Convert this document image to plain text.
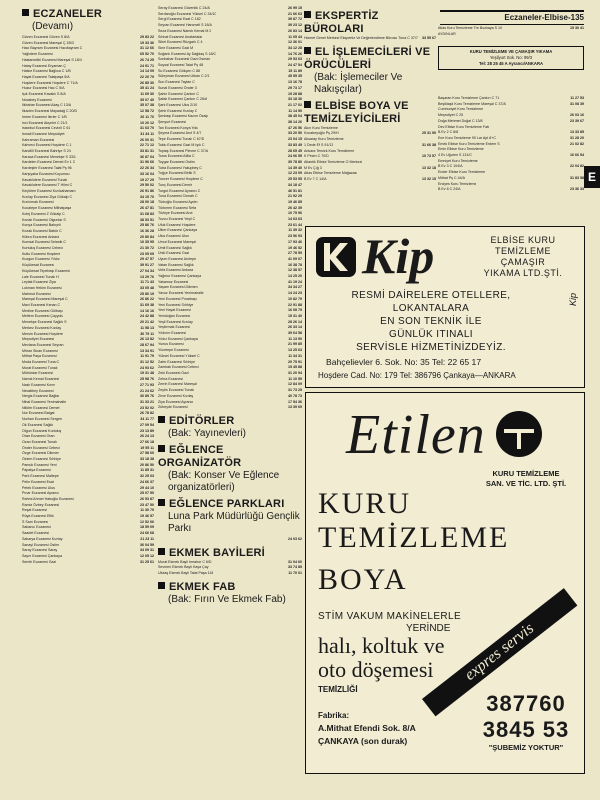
Eczaneler-Elbise-135
E
ECZANELER
(Devamı)
Güven Eczanesi Güven S 8/A	29 83 22
Güven Eczanesi Mareşal Ç 1B/3	19 33 36
Hacı Bayram Eczanesi Hacıbayram C	31 12 66
Yağlıdere Eczanesi	65 52 70
Hastanedibi Eczanesi Mareşal S 18/4	26 74 25
Hatay Eczanesi Eryaman Ç	24 91 71
Hatice Eczanesi Bağlıca C 1/B	14 14 09
Hayat Eczanesi Talatpaşa 5/A	22 20 79
Hoşdere Eczanesi Hoşdere C 71/A	26 85 30
Huzur Eczanesi Hac C 5/A	35 41 24
Işık Eczanesi Kavaklı S 8/A	11 69 30
Nocabey Eczanesi	35 07 40
İlkbahar Eczanesi Akay C 13/A	35 07 38
İlkadım Eczanesi Mayadağ C 20/D	12 58 72
İmren Eczanesi Ilerler C 1/B	26 11 70
İnci Eczanesi Akşehir C 21/1	10 20 12
İstanbul Eczanesi Cevizli C 61	31 63 70
İsmail Eczanesi Meşrutiyet	31 34 11
Kahraman Eczanesi	26 00 31
Kahveci Eczanesi Hoşdere C 1	22 71 12
Kandilli Eczanesi Bahriye S 24	33 81 31
Karaca Eczanesi Menekşe S 33/1	36 87 04
Kardelen Eczanesi Demet Ev 1 C	31 96 66
Kardeşler Eczanesi Talat Pş 96	22 26 34
Karşıyaka Eczanesi Kuyumcu	33 16 04
Kavaklıdere Eczanesi Tunalı	19 27 29
Kavaklıdere Eczanesi T Hilmi C	29 50 02
Keçiören Eczanesi Kızılcahamam	26 91 86
Kızılay Eczanesi Ziya Gökalp C	34 15 70
Kızılırmak Eczanesi	28 00 18
Kocatepe Eczanesi Mithatpaşa	26 47 81
Kolej Eczanesi Z Gökalp C	31 68 83
Konak Eczanesi Olgunlar S	38 53 51
Konya Eczanesi Bahçeli	25 86 76
Kozak Eczanesi Babür C	16 36 28
Kübra Eczanesi Ankara	20 80 84
Kumsal Eczanesi Selanik C	10 35 95
Kurtuluş Eczanesi Cebeci	21 30 72
Kutlu Eczanesi Hoşdere	23 05 69
Kuzgun Eczanesi Yıldız	29 47 57
Küçükesat Eczanesi	39 91 27
Küçükesat Tepebaşı Eczanesi	27 04 34
Lale Eczanesi Tunalı H	13 29 76
Leylak Eczanesi Ziya	11 71 43
Lokman Hekim Eczanesi	33 05 48
Mahmut Eczanesi	25 80 19
Mareşal Eczanesi Mareşal C	26 86 22
Mavi Eczanesi Kenan C	31 69 38
Medine Eczanesi Gölbaşı	14 16 16
Meltem Eczanesi Çayyolu	24 42 88
Menekşe Eczanesi Sağlık S	20 21 42
Merkez Eczanesi Kızılay	11 58 13
Mersin Eczanesi Hoşdere	30 79 11
Meşrutiyet Eczanesi	26 13 82
Mevlana Eczanesi Seyran	28 67 94
Mimar Sinan Eczanesi	13 34 91
Mithat Paşa Eczanesi	11 91 79
Moda Eczanesi Tuna C	31 12 52
Murat Eczanesi Tunalı	24 93 62
Mühürdar Eczanesi	19 31 48
Namık Kemal Eczanesi	25 98 76
Nazlı Eczanesi Kırım	27 71 93
Necatibey Eczanesi	21 24 62
Nergis Eczanesi Bağlar	30 89 76
Nihal Eczanesi Yenimahalle	31 33 21
Nilüfer Eczanesi Demet	23 52 02
Nur Eczanesi Balgat	26 78 82
Nurhan Eczanesi Sergen	34 11 77
Ok Eczanesi Sağlık	27 09 54
Olgun Eczanesi Kurtuluş	23 13 89
Oran Eczanesi Oran	26 24 13
Ozan Eczanesi Tunalı	27 66 18
Önder Eczanesi Cebeci	19 55 11
Özge Eczanesi Dikmen	27 58 60
Özlem Eczanesi Sıhhiye	33 18 38
Pamuk Eczanesi Yeni	20 86 50
Papatya Eczanesi	11 85 31
Park Eczanesi Maltepe	32 25 03
Pelin Eczanesi Esat	24 66 37
Petek Eczanesi Ulus	29 44 10
Pınar Eczanesi Ayrancı	25 07 50
Rahmi Ahmet Haboğlu Eczanesi	26 53 87
Ramiz Özbey Eczanesi	23 47 50
Reşat Eczanesi	11 30 79
Rüya Eczanesi Etlik	19 46 57
S Sam Eczanesi	12 52 06
Sabancı Eczanesi	18 59 09
Saadet Eczanesi	24 66 68
Sakarya Eczanesi Kızılay	21 23 11
Sanayi Eczanesi Ostim	36 04 59
Saray Eczanesi Saray	34 09 31
Sayın Eczanesi Çankaya	12 05 12
Semih Eczanesi Gazi	31 25 61
Seray Eczanesi Güvenlik C 24/A	26 99 15
Serdaroğlu Eczanesi Yüksel C 34/10	21 66 63
Sergi Eczanesi Esat C 182	39 87 72
Seyran Eczanesi Hanımeli S 18/A	39 23 12
Seza Eczanesi Namık Kemal M 2	26 83 14
Sıhhat Eczanesi Anafartalar	11 05 44
Sibel Eczanesi Rüzgarlı C 4	12 36 01
Sine Eczanesi Gazi M	34 12 28
Soğanlı Eczanesi Ay Dağdaş S 18/C	14 76 26
Sonbahar Eczanesi Gazi Osman	29 53 63
Soysal Eczanesi Talat Pş 48	24 47 54
Su Eczanesi Gökçen C 88	15 11 89
Süleyman Eczanesi Utkan C 2/1	45 55 35
Sun Eczanesi Taylan C	13 16 78
Sunal Eczanesi Önder 3	29 73 17
Şahin Eczanesi Çankırı C	19 28 88
Şafak Eczanesi Çankırı C 26/A	33 18 36
Şark Eczanesi Ulus 2/10	21 17 02
Şehir Eczanesi Kızılay C	11 14 50
Şenbaşı Eczanesi Kazım Özalp	38 45 04
Şenyurt Eczanesi	38 14 26
Tan Eczanesi Konya Yolu	47 26 56
Şeyma Eczanesi Anıt S 4/7	33 20 50
Tepe Eczanesi Tunalı C 67/D	23 04 15
Toklu Eczanesi Gazi M Işık C	33 83 49
Toptaş Eczanesi Plevne C 37/A	28 65 45
Toros Eczanesi Atilla C	24 06 55
Toygar Eczanesi Ostim	39 78 80
Tuba Eczanesi Yakupbey C	14 39 40
Tuğçe Eczanesi Birlik S	12 23 09
Tuncer Eczanesi Hoşdere C	25 53 55
Tunç Eczanesi Demir	34 18 47
Turgut Eczanesi Ayrancı C	46 51 81
Tuna Eczanesi Cinnah C	21 92 29
Türkoğlu Eczanesi Aydın	19 46 85
Türkmen Eczanesi Sefa	26 42 39
Türkiye Eczanesi Anıt	10 75 96
Tuzcu Eczanesi Yeşil C	14 63 63
Ufuk Eczanesi Hoşdere	23 61 44
Ülker Eczanesi Çankaya	11 39 32
Ulus Eczanesi Ulus	23 56 93
Umut Eczanesi Mareşal	17 93 46
Ümit Eczanesi Sağlık	19 46 52
Ünlü Eczanesi Gazi	27 78 59
Uyum Eczanesi Anıtepe	41 09 07
Vatan Eczanesi Sağlık	16 38 78
Vefa Eczanesi Ankara	12 38 57
Yağmur Eczanesi Çankaya	14 25 20
Yakamoz Eczanesi	41 19 24
Yaşam Eczanesi Dikmen	34 34 27
Yavuz Eczanesi Yenimahalle	14 24 23
Yeni Eczanesi Pınarbaşı	10 82 79
Yeni Eczanesi Sıhhiye	22 91 88
Yeni Hayat Eczanesi	16 08 79
Yenidoğan Eczanesi	15 31 40
Yeşil Eczanesi Kızılay	28 26 14
Yeşilırmak Eczanesi	26 33 14
Yıldırım Eczanesi	39 64 58
Yıldız Eczanesi Çankaya	11 13 90
Yunus Eczanesi	21 99 85
Yücetepe Eczanesi	13 25 63
Yüksel Eczanesi Yüksel C	11 34 31
Zafer Eczanesi Sıhhiye	20 75 91
Zambak Eczanesi Cebeci	15 45 88
Zeki Eczanesi Gazi	31 20 94
Zehra Eczanesi	11 10 59
Zerrin Eczanesi Mareşal	12 84 09
Zeytin Eczanesi Tunalı	31 73 25
Zirve Eczanesi Kızılay	40 78 73
Ziya Eczanesi Ayrancı	17 54 36
Zübeyde Eczanesi	13 39 69
EDİTÖRLER
(Bak: Yayınevleri)
EĞLENCE ORGANİZATÖR
(Bak: Konser Ve Eğlence organizatörleri)
EĞLENCE PARKLARI
Luna Park Müdürlüğü Gençlik Parkı
24 03 62
EKMEK BAYİLERİ
Murat Ekmek Bayii İmrahor C 6/D	31 04 60
Sevmen Ekmek Bayii Kaya Çay	33 74 85
Ulutaş Ekmek Bayii Talat Paşa 118	11 70 01
EKMEK FAB
(Bak: Fırın Ve Ekmek Fab)
EKSPERTİZ BÜROLARI
Hizmet Genel Merkezi Ekspertiz Ve Değerlendirme Bürosu Tuna C 37/7	33 55 67
EL İŞLEMECİLERİ VE ÖRÜCÜLERİ
(Bak: İşlemeciler Ve Nakışçılar)
ELBİSE BOYA VE TEMİZLEYİCİLERİ
Akın Kuru Temizleme
Kocabeyoğlu Pş 29/H	25 31 90
Aksaray Kuru Temizleme
1 Dede Ef S 91/13	31 66 38
Ankara Temizk Kuru Temizleme
K Pinen C 70/D	10 73 57
Atlantik Elbise Temizleme O Merkezi
M Ev Çığ 3	13 32 18
Atlas Elbise Temizleme Mağazası
B Ev 7 C 14/A	13 32 15
Atlas Kuru Temizleme Tre Bozkaya S 10	15 30 41
AYDINLAR
KURU TEMİZLEME VE ÇAMAŞIR YIKAMA
Yeşilyurt Sok. No: 99/3
Tel: 28 25 45 A Ayrancı/ANKARA
Başaran Kuru Temizleme Çankırı C 71	11 27 53
Beşiktaşlı Kuru Temizleme Mareşal C 37/A	31 08 39
Cumhuriyet Kuru Temizleme
Meşrutiyet C 25	26 03 16
Doğa Mehmet Doğal C 13/8	23 39 67
Dev Elbise Kuru Temizleme Fab
B Ev 2 C 8/8	13 33 85
Ece Kuru Temizleme 90 Lar Apt 8+C	31 28 20
Emek Elbise Kuru Temizleme Erdem S	21 02 82
Emin Elbise Kuru Temizleme
4 Ev Uğuren S 131/C	16 66 54
Emniyet Kuru Temizleme
B Ev 3 C 104/A	22 04 82
Ender Elbise Kuru Temizleme
Mithat Pş C 44/A	31 83 58
Erciyes Kuru Temizleme
B Ev 8 C 24/A	23 36 33
Kip	ELBİSE KURU
TEMİZLEME
ÇAMAŞIR
YIKAMA LTD.ŞTİ.
RESMİ DAİRELERE OTELLERE,
LOKANTALARA
EN SON TEKNİK İLE
GÜNLÜK ITINALI
SERVİSLE HİZMETİNİZDEYİZ.
Bahçelievler 6. Sok. No: 35 Tel: 22 65 17
Hoşdere Cad. No: 179 Tel: 386796 Çankaya—ANKARA
Kip
Etilen
KURU TEMİZLEME
SAN. VE TİC. LTD. ŞTİ.
KURU
TEMİZLEME
BOYA
STİM VAKUM MAKİNELERLE
YERİNDE
halı, koltuk ve
oto döşemesi
TEMİZLİĞİ
Fabrika:
A.Mithat Efendi Sok. 8/A
ÇANKAYA (son durak)
expres servis
387760
3845 53
"ŞUBEMİZ YOKTUR"
